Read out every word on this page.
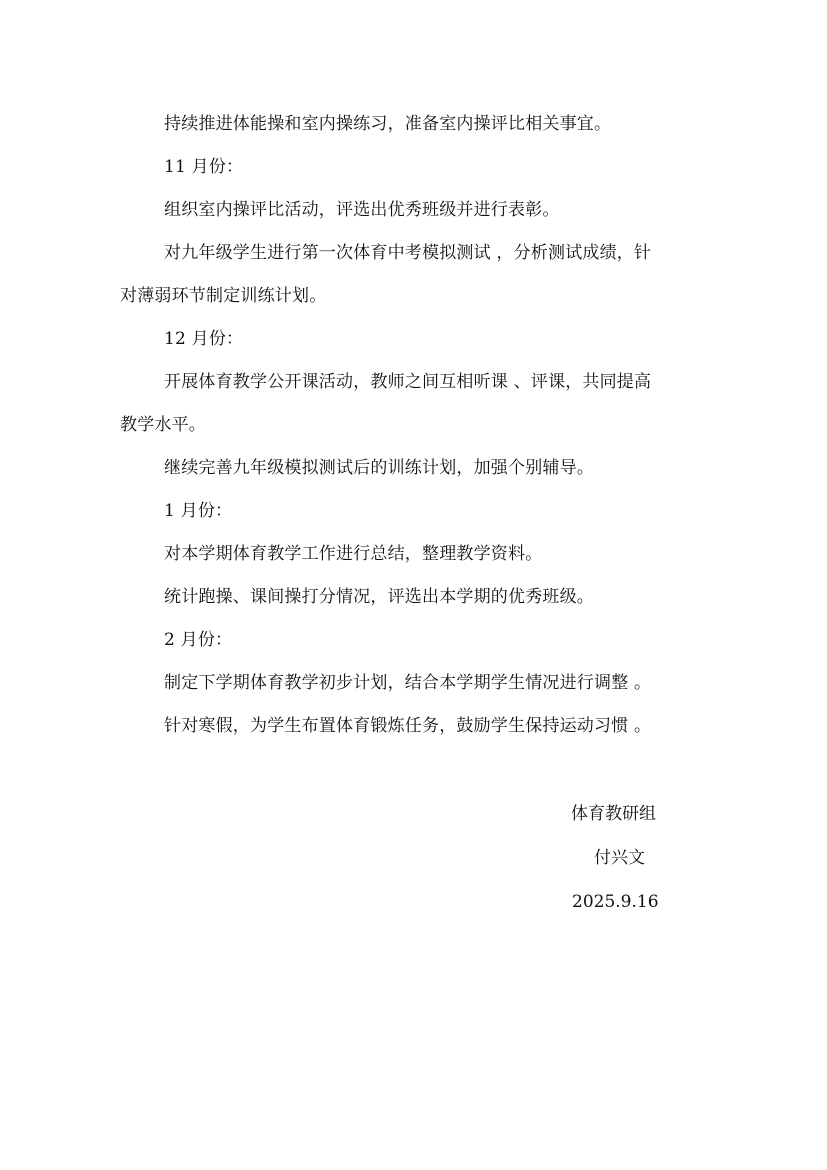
持续推进体能操和室内操练习，准备室内操评比相关事宜。
11 月份：
组织室内操评比活动，评选出优秀班级并进行表彰。
对九年级学生进行第一次体育中考模拟测试 ，分析测试成绩，针
对薄弱环节制定训练计划。
12 月份：
开展体育教学公开课活动，教师之间互相听课 、评课，共同提高
教学水平。
继续完善九年级模拟测试后的训练计划，加强个别辅导。
1 月份：
对本学期体育教学工作进行总结，整理教学资料。
统计跑操、课间操打分情况，评选出本学期的优秀班级。
2 月份：
制定下学期体育教学初步计划，结合本学期学生情况进行调整 。
针对寒假，为学生布置体育锻炼任务，鼓励学生保持运动习惯 。
体育教研组
付兴文
2025.9.16
